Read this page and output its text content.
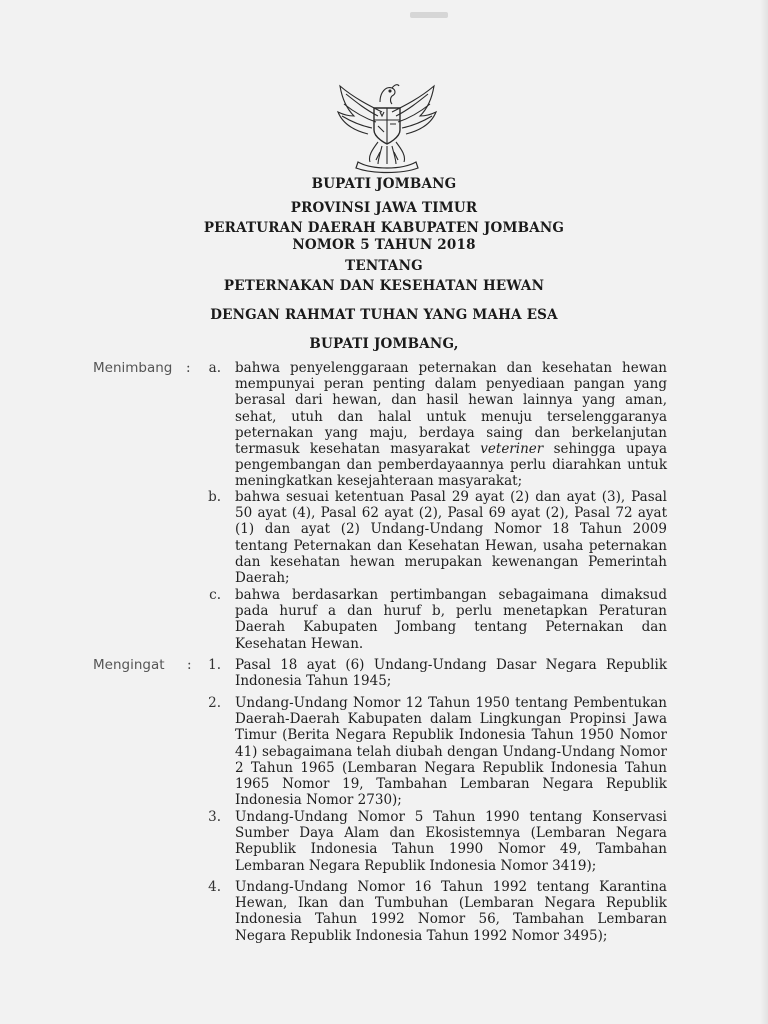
BUPATI JOMBANG
PROVINSI JAWA TIMUR
PERATURAN DAERAH KABUPATEN JOMBANG
NOMOR 5 TAHUN 2018
TENTANG
PETERNAKAN DAN KESEHATAN HEWAN
DENGAN RAHMAT TUHAN YANG MAHA ESA
BUPATI JOMBANG,
Menimbang :	a. bahwa penyelenggaraan peternakan dan kesehatan hewan mempunyai peran penting dalam penyediaan pangan yang berasal dari hewan, dan hasil hewan lainnya yang aman, sehat, utuh dan halal untuk menuju terselenggaranya peternakan yang maju, berdaya saing dan berkelanjutan termasuk kesehatan masyarakat veteriner sehingga upaya pengembangan dan pemberdayaannya perlu diarahkan untuk meningkatkan kesejahteraan masyarakat;

b. bahwa sesuai ketentuan Pasal 29 ayat (2) dan ayat (3), Pasal 50 ayat (4), Pasal 62 ayat (2), Pasal 69 ayat (2), Pasal 72 ayat (1) dan ayat (2) Undang-Undang Nomor 18 Tahun 2009 tentang Peternakan dan Kesehatan Hewan, usaha peternakan dan kesehatan hewan merupakan kewenangan Pemerintah Daerah;

c. bahwa berdasarkan pertimbangan sebagaimana dimaksud pada huruf a dan huruf b, perlu menetapkan Peraturan Daerah Kabupaten Jombang tentang Peternakan dan Kesehatan Hewan.

Mengingat :	1. Pasal 18 ayat (6) Undang-Undang Dasar Negara Republik Indonesia Tahun 1945;

2. Undang-Undang Nomor 12 Tahun 1950 tentang Pembentukan Daerah-Daerah Kabupaten dalam Lingkungan Propinsi Jawa Timur (Berita Negara Republik Indonesia Tahun 1950 Nomor 41) sebagaimana telah diubah dengan Undang-Undang Nomor 2 Tahun 1965 (Lembaran Negara Republik Indonesia Tahun 1965 Nomor 19, Tambahan Lembaran Negara Republik Indonesia Nomor 2730);

3. Undang-Undang Nomor 5 Tahun 1990 tentang Konservasi Sumber Daya Alam dan Ekosistemnya (Lembaran Negara Republik Indonesia Tahun 1990 Nomor 49, Tambahan Lembaran Negara Republik Indonesia Nomor 3419);

4. Undang-Undang Nomor 16 Tahun 1992 tentang Karantina Hewan, Ikan dan Tumbuhan (Lembaran Negara Republik Indonesia Tahun 1992 Nomor 56, Tambahan Lembaran Negara Republik Indonesia Tahun 1992 Nomor 3495);
